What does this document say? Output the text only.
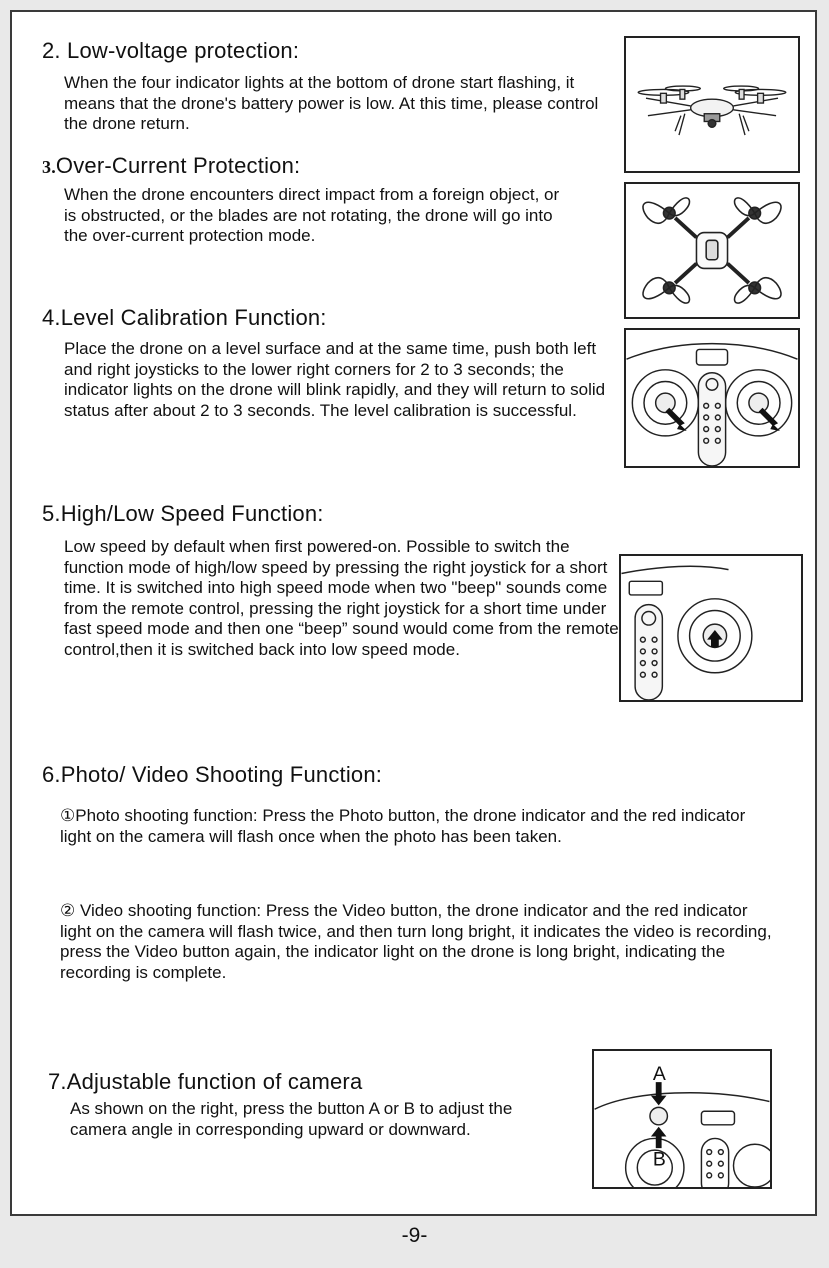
2. Low-voltage protection:
When the four indicator lights at the bottom of drone start flashing, it means that the drone's battery power is low. At this time, please control the drone return.
3.Over-Current Protection:
When the drone encounters direct impact from a foreign object, or is obstructed, or the blades are not rotating, the drone will go into the over-current protection mode.
4.Level Calibration Function:
Place the drone on a level surface and at the same time, push both left and right joysticks to the lower right corners for 2 to 3 seconds; the indicator lights on the drone will blink rapidly, and they will return to solid status after about 2 to 3 seconds. The level calibration is successful.
5.High/Low Speed Function:
Low speed by default when first powered-on. Possible to switch the function mode of high/low speed by pressing the right joystick for a short time. It is switched into high speed mode when two "beep" sounds come from the remote control, pressing the right joystick for a short time under fast speed mode and then one “beep” sound would come from the remote control,then it is switched back into low speed mode.
6.Photo/ Video Shooting Function:
①Photo shooting function: Press the Photo button, the drone indicator and the red indicator light on the camera will flash once when the photo has been taken.
② Video shooting function: Press the Video button, the drone indicator and the red indicator light on the camera will flash twice, and then turn long bright, it indicates the video is recording, press the Video button again, the indicator light on the drone is long bright, indicating the recording is complete.
7.Adjustable function of camera
As shown on the right, press the button A or B to adjust the camera angle in corresponding upward or downward.
A
B
-9-
